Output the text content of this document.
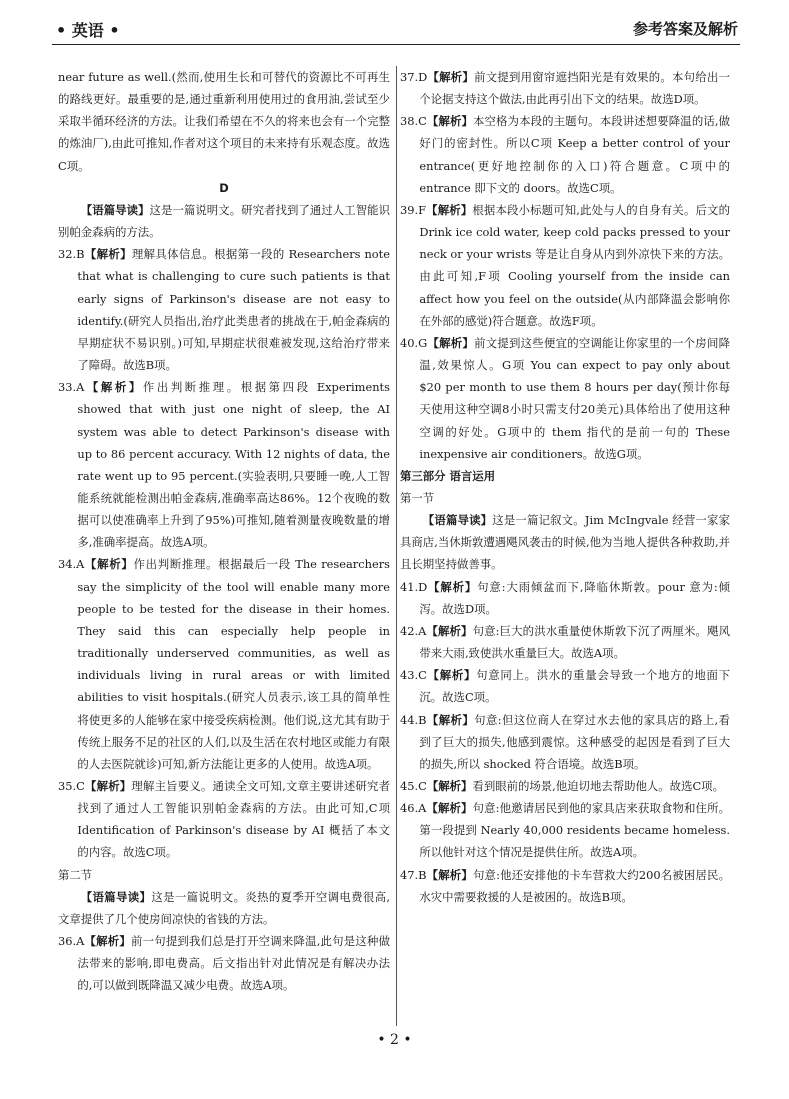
• 英语 •	参考答案及解析

near future as well.(然而,使用生长和可替代的资源比不可再生的路线更好。最重要的是,通过重新利用使用过的食用油,尝试至少采取半循环经济的方法。让我们希望在不久的将来也会有一个完整的炼油厂),由此可推知,作者对这个项目的未来持有乐观态度。故选C项。

D

【语篇导读】这是一篇说明文。研究者找到了通过人工智能识别帕金森病的方法。

32.B【解析】理解具体信息。根据第一段的 Researchers note that what is challenging to cure such patients is that early signs of Parkinson's disease are not easy to identify.(研究人员指出,治疗此类患者的挑战在于,帕金森病的早期症状不易识别。)可知,早期症状很难被发现,这给治疗带来了障碍。故选B项。

33.A【解析】作出判断推理。根据第四段 Experiments showed that with just one night of sleep, the AI system was able to detect Parkinson's disease with up to 86 percent accuracy. With 12 nights of data, the rate went up to 95 percent.(实验表明,只要睡一晚,人工智能系统就能检测出帕金森病,准确率高达86%。12个夜晚的数据可以使准确率上升到了95%)可推知,随着测量夜晚数量的增多,准确率提高。故选A项。

34.A【解析】作出判断推理。根据最后一段 The researchers say the simplicity of the tool will enable many more people to be tested for the disease in their homes. They said this can especially help people in traditionally underserved communities, as well as individuals living in rural areas or with limited abilities to visit hospitals.(研究人员表示,该工具的简单性将使更多的人能够在家中接受疾病检测。他们说,这尤其有助于传统上服务不足的社区的人们,以及生活在农村地区或能力有限的人去医院就诊)可知,新方法能让更多的人使用。故选A项。

35.C【解析】理解主旨要义。通读全文可知,文章主要讲述研究者找到了通过人工智能识别帕金森病的方法。由此可知,C项 Identification of Parkinson's disease by AI 概括了本文的内容。故选C项。

第二节

【语篇导读】这是一篇说明文。炎热的夏季开空调电费很高,文章提供了几个使房间凉快的省钱的方法。

36.A【解析】前一句提到我们总是打开空调来降温,此句是这种做法带来的影响,即电费高。后文指出针对此情况是有解决办法的,可以做到既降温又减少电费。故选A项。

37.D【解析】前文提到用窗帘遮挡阳光是有效果的。本句给出一个论据支持这个做法,由此再引出下文的结果。故选D项。

38.C【解析】本空格为本段的主题句。本段讲述想要降温的话,做好门的密封性。所以C项 Keep a better control of your entrance(更好地控制你的入口)符合题意。C项中的 entrance 即下文的 doors。故选C项。

39.F【解析】根据本段小标题可知,此处与人的自身有关。后文的 Drink ice cold water, keep cold packs pressed to your neck or your wrists 等是让自身从内到外凉快下来的方法。由此可知,F项 Cooling yourself from the inside can affect how you feel on the outside(从内部降温会影响你在外部的感觉)符合题意。故选F项。

40.G【解析】前文提到这些便宜的空调能让你家里的一个房间降温,效果惊人。G项 You can expect to pay only about $20 per month to use them 8 hours per day(预计你每天使用这种空调8小时只需支付20美元)具体给出了使用这种空调的好处。G项中的 them 指代的是前一句的 These inexpensive air conditioners。故选G项。

第三部分 语言运用

第一节

【语篇导读】这是一篇记叙文。Jim McIngvale 经营一家家具商店,当休斯敦遭遇飓风袭击的时候,他为当地人提供各种救助,并且长期坚持做善事。

41.D【解析】句意:大雨倾盆而下,降临休斯敦。pour 意为:倾泻。故选D项。

42.A【解析】句意:巨大的洪水重量使休斯敦下沉了两厘米。飓风带来大雨,致使洪水重量巨大。故选A项。

43.C【解析】句意同上。洪水的重量会导致一个地方的地面下沉。故选C项。

44.B【解析】句意:但这位商人在穿过水去他的家具店的路上,看到了巨大的损失,他感到震惊。这种感受的起因是看到了巨大的损失,所以 shocked 符合语境。故选B项。

45.C【解析】看到眼前的场景,他迫切地去帮助他人。故选C项。

46.A【解析】句意:他邀请居民到他的家具店来获取食物和住所。第一段提到 Nearly 40,000 residents became homeless. 所以他针对这个情况是提供住所。故选A项。

47.B【解析】句意:他还安排他的卡车营救大约200名被困居民。水灾中需要救援的人是被困的。故选B项。

• 2 •
